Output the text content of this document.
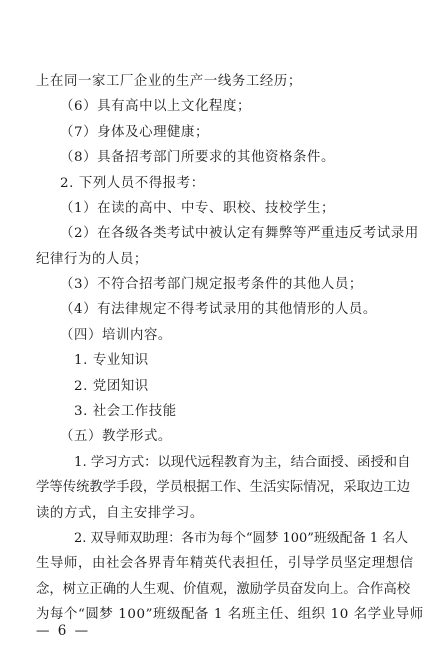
上在同一家工厂企业的生产一线务工经历；
（6）具有高中以上文化程度；
（7）身体及心理健康；
（8）具备招考部门所要求的其他资格条件。
2. 下列人员不得报考：
（1）在读的高中、中专、职校、技校学生；
（2）在各级各类考试中被认定有舞弊等严重违反考试录用
纪律行为的人员；
（3）不符合招考部门规定报考条件的其他人员；
（4）有法律规定不得考试录用的其他情形的人员。
（四）培训内容。
1. 专业知识
2. 党团知识
3. 社会工作技能
（五）教学形式。
1. 学习方式：以现代远程教育为主，结合面授、函授和自
学等传统教学手段，学员根据工作、生活实际情况，采取边工边
读的方式，自主安排学习。
2. 双导师双助理：各市为每个“圆梦 100”班级配备 1 名人
生导师，由社会各界青年精英代表担任，引导学员坚定理想信
念，树立正确的人生观、价值观，激励学员奋发向上。合作高校
为每个“圆梦 100”班级配备 1 名班主任、组织 10 名学业导师
— 6 —
